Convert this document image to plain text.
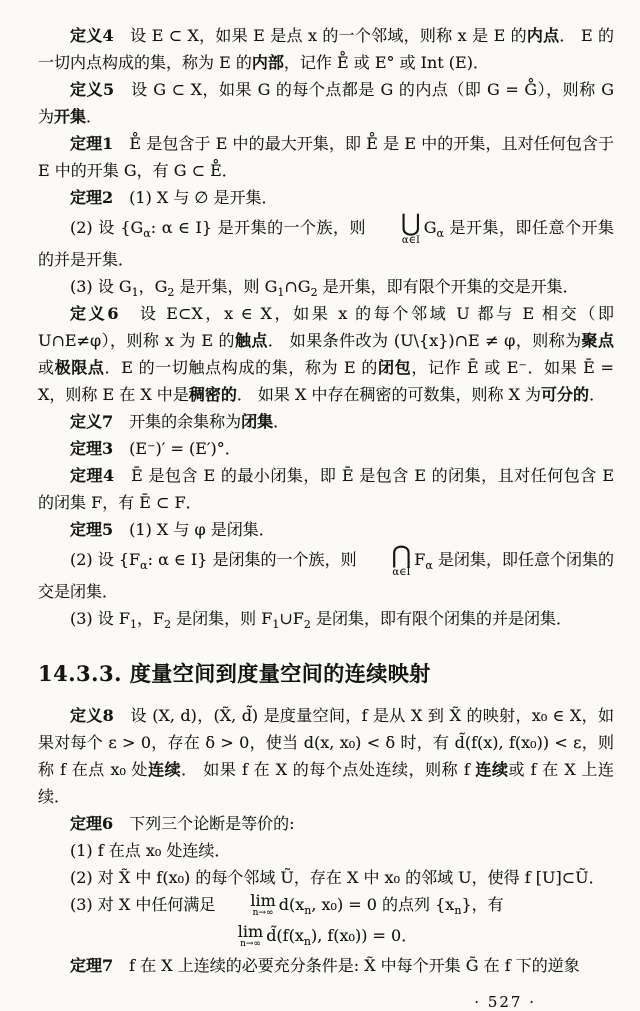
定义4　设 E ⊂ X，如果 E 是点 x 的一个邻域，则称 x 是 E 的内点． E 的一切内点构成的集，称为 E 的内部，记作 E̊ 或 E° 或 Int (E)．

定义5　设 G ⊂ X，如果 G 的每个点都是 G 的内点（即 G = G̊），则称 G 为开集．

定理1　E̊ 是包含于 E 中的最大开集，即 E̊ 是 E 中的开集，且对任何包含于 E 中的开集 G，有 G ⊂ E̊．

定理2　(1) X 与 ∅ 是开集．

(2) 设 {$G_\alpha$: α ∈ I} 是开集的一个族，则	⋃
α∈I
$G_\alpha$ 是开集，即任意个开集的并是开集．

(3) 设 $G_1$，$G_2$ 是开集，则 $G_1\cap G_2$ 是开集，即有限个开集的交是开集．

定义6　设 E⊂X，x ∈ X，如果 x 的每个邻域 U 都与 E 相交（即 U∩E≠φ），则称 x 为 E 的触点． 如果条件改为 (U\{x})∩E ≠ φ，则称为聚点或极限点．E 的一切触点构成的集，称为 E 的闭包，记作 Ē 或 E⁻．如果 Ē = X，则称 E 在 X 中是稠密的． 如果 X 中存在稠密的可数集，则称 X 为可分的．

定义7　开集的余集称为闭集．

定理3　(E⁻)′ = (E′)°．

定理4　Ē 是包含 E 的最小闭集，即 Ē 是包含 E 的闭集，且对任何包含 E 的闭集 F，有 Ē ⊂ F．

定理5　(1) X 与 φ 是闭集．

(2) 设 {$F_\alpha$: α ∈ I} 是闭集的一个族，则	⋂
α∈I
$F_\alpha$ 是闭集，即任意个闭集的交是闭集．

(3) 设 $F_1$，$F_2$ 是闭集，则 $F_1\cup F_2$ 是闭集，即有限个闭集的并是闭集．

14.3.3. 度量空间到度量空间的连续映射

定义8　设 (X, d)，(X̃, d̃) 是度量空间，f 是从 X 到 X̃ 的映射，x₀ ∈ X，如果对每个 ε > 0，存在 δ > 0，使当 d(x, x₀) < δ 时，有 d̃(f(x), f(x₀)) < ε，则称 f 在点 x₀ 处连续． 如果 f 在 X 的每个点处连续，则称 f 连续或 f 在 X 上连续．

定理6　下列三个论断是等价的:

(1) f 在点 x₀ 处连续．

(2) 对 X̃ 中 f(x₀) 的每个邻域 Ũ，存在 X 中 x₀ 的邻域 U，使得 f [U]⊂Ũ．

(3) 对 X 中任何满足	lim
n→∞ $d(x_n$, x₀) = 0 的点列 $\{x_n\}$，有

lim
n→∞ $d̃(f(x_n)$, f(x₀)) = 0．

定理7　f 在 X 上连续的必要充分条件是: X̃ 中每个开集 G̃ 在 f 下的逆象

· 527 ·
